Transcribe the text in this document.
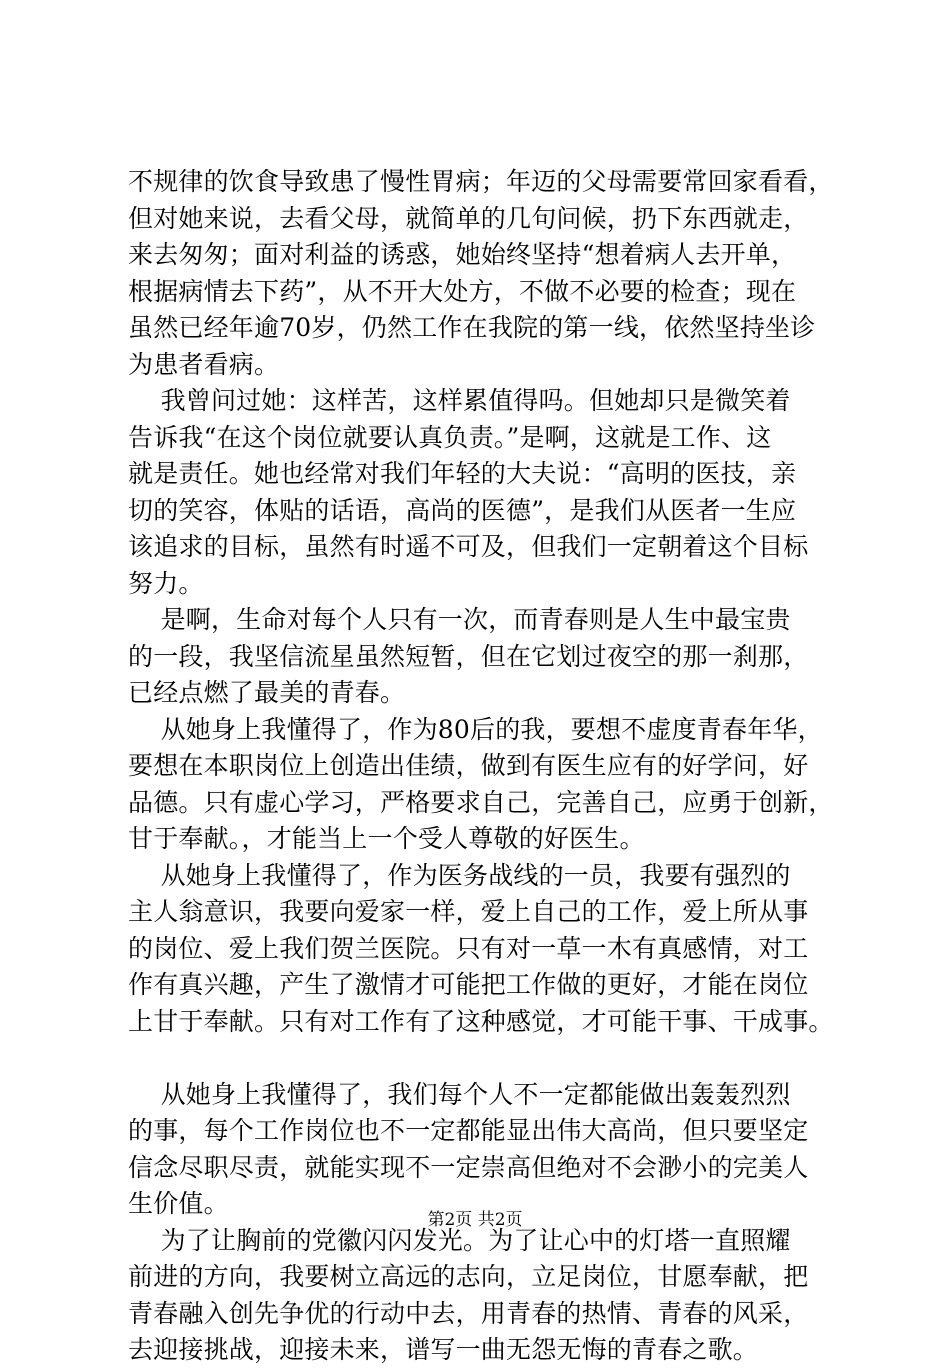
不规律的饮食导致患了慢性胃病；年迈的父母需要常回家看看，
但对她来说，去看父母，就简单的几句问候，扔下东西就走，
来去匆匆；面对利益的诱惑，她始终坚持“想着病人去开单，
根据病情去下药”，从不开大处方，不做不必要的检查；现在
虽然已经年逾70岁，仍然工作在我院的第一线，依然坚持坐诊
为患者看病。
我曾问过她：这样苦，这样累值得吗。但她却只是微笑着
告诉我“在这个岗位就要认真负责。”是啊，这就是工作、这
就是责任。她也经常对我们年轻的大夫说：“高明的医技，亲
切的笑容，体贴的话语，高尚的医德”，是我们从医者一生应
该追求的目标，虽然有时遥不可及，但我们一定朝着这个目标
努力。
是啊，生命对每个人只有一次，而青春则是人生中最宝贵
的一段，我坚信流星虽然短暂，但在它划过夜空的那一刹那，
已经点燃了最美的青春。
从她身上我懂得了，作为80后的我，要想不虚度青春年华，
要想在本职岗位上创造出佳绩，做到有医生应有的好学问，好
品德。只有虚心学习，严格要求自己，完善自己，应勇于创新，
甘于奉献。，才能当上一个受人尊敬的好医生。
从她身上我懂得了，作为医务战线的一员，我要有强烈的
主人翁意识，我要向爱家一样，爱上自己的工作，爱上所从事
的岗位、爱上我们贺兰医院。只有对一草一木有真感情，对工
作有真兴趣，产生了激情才可能把工作做的更好，才能在岗位
上甘于奉献。只有对工作有了这种感觉，才可能干事、干成事。
从她身上我懂得了，我们每个人不一定都能做出轰轰烈烈
的事，每个工作岗位也不一定都能显出伟大高尚，但只要坚定
信念尽职尽责，就能实现不一定崇高但绝对不会渺小的完美人
生价值。
为了让胸前的党徽闪闪发光。为了让心中的灯塔一直照耀
前进的方向，我要树立高远的志向，立足岗位，甘愿奉献，把
青春融入创先争优的行动中去，用青春的热情、青春的风采，
去迎接挑战，迎接未来，谱写一曲无怨无悔的青春之歌。
第2页 共2页
